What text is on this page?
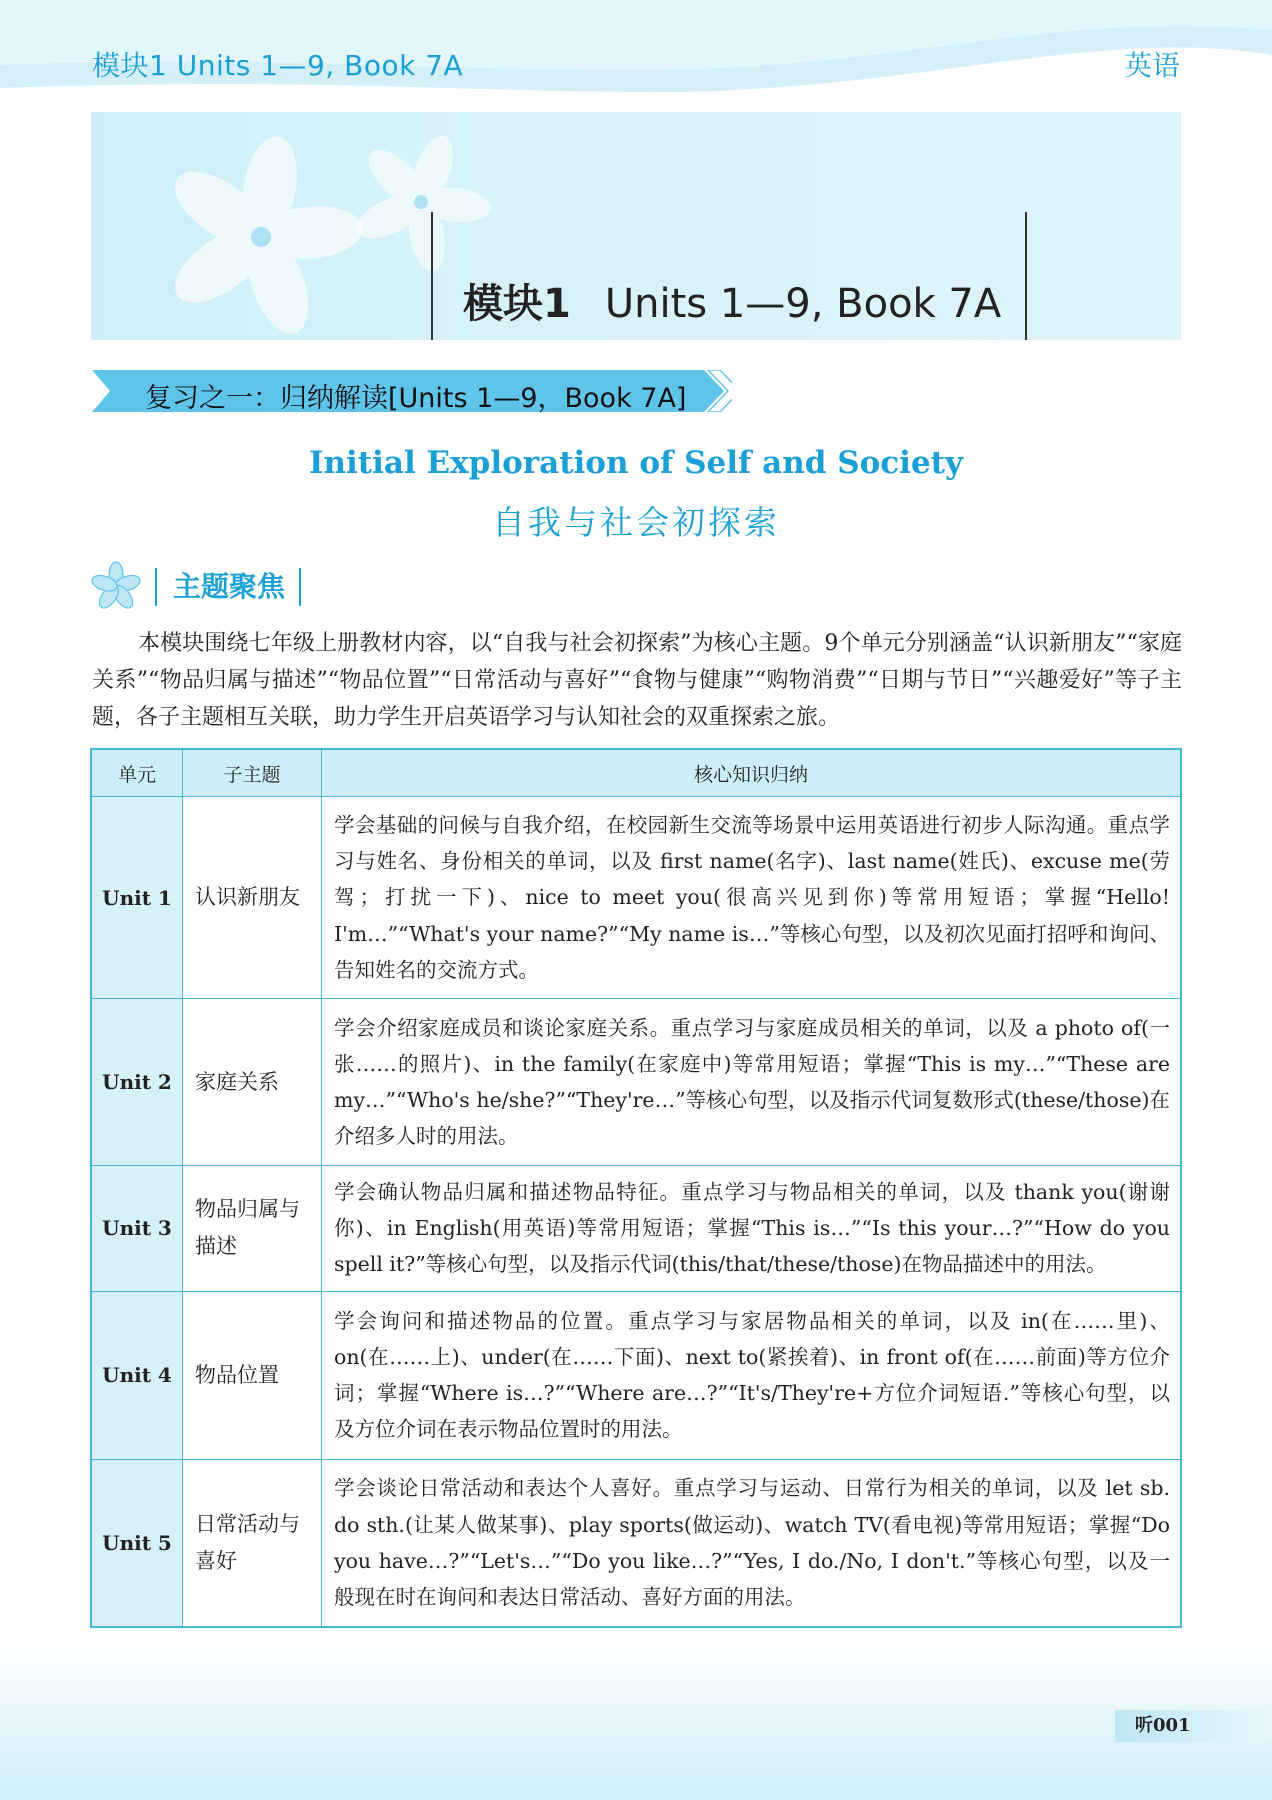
模块1 Units 1—9, Book 7A	英语
模块1 Units 1—9, Book 7A
复习之一：归纳解读[Units 1—9，Book 7A]
Initial Exploration of Self and Society
自我与社会初探索
主题聚焦
本模块围绕七年级上册教材内容，以“自我与社会初探索”为核心主题。9个单元分别涵盖“认识新朋友”“家庭关系”“物品归属与描述”“物品位置”“日常活动与喜好”“食物与健康”“购物消费”“日期与节日”“兴趣爱好”等子主题，各子主题相互关联，助力学生开启英语学习与认知社会的双重探索之旅。
单元	子主题	核心知识归纳
Unit 1	认识新朋友	学会基础的问候与自我介绍，在校园新生交流等场景中运用英语进行初步人际沟通。重点学习与姓名、身份相关的单词，以及 first name(名字)、last name(姓氏)、excuse me(劳驾；打扰一下)、nice to meet you(很高兴见到你)等常用短语；掌握“Hello! I'm…”“What's your name?”“My name is…”等核心句型，以及初次见面打招呼和询问、告知姓名的交流方式。
Unit 2	家庭关系	学会介绍家庭成员和谈论家庭关系。重点学习与家庭成员相关的单词，以及 a photo of(一张……的照片)、in the family(在家庭中)等常用短语；掌握“This is my…”“These are my…”“Who's he/she?”“They're…”等核心句型，以及指示代词复数形式(these/those)在介绍多人时的用法。
Unit 3	物品归属与描述	学会确认物品归属和描述物品特征。重点学习与物品相关的单词，以及 thank you(谢谢你)、in English(用英语)等常用短语；掌握“This is…”“Is this your…?”“How do you spell it?”等核心句型，以及指示代词(this/that/these/those)在物品描述中的用法。
Unit 4	物品位置	学会询问和描述物品的位置。重点学习与家居物品相关的单词，以及 in(在……里)、on(在……上)、under(在……下面)、next to(紧挨着)、in front of(在……前面)等方位介词；掌握“Where is…?”“Where are…?”“It's/They're+方位介词短语.”等核心句型，以及方位介词在表示物品位置时的用法。
Unit 5	日常活动与喜好	学会谈论日常活动和表达个人喜好。重点学习与运动、日常行为相关的单词，以及 let sb. do sth.(让某人做某事)、play sports(做运动)、watch TV(看电视)等常用短语；掌握“Do you have…?”“Let's…”“Do you like…?”“Yes, I do./No, I don't.”等核心句型，以及一般现在时在询问和表达日常活动、喜好方面的用法。
听001
